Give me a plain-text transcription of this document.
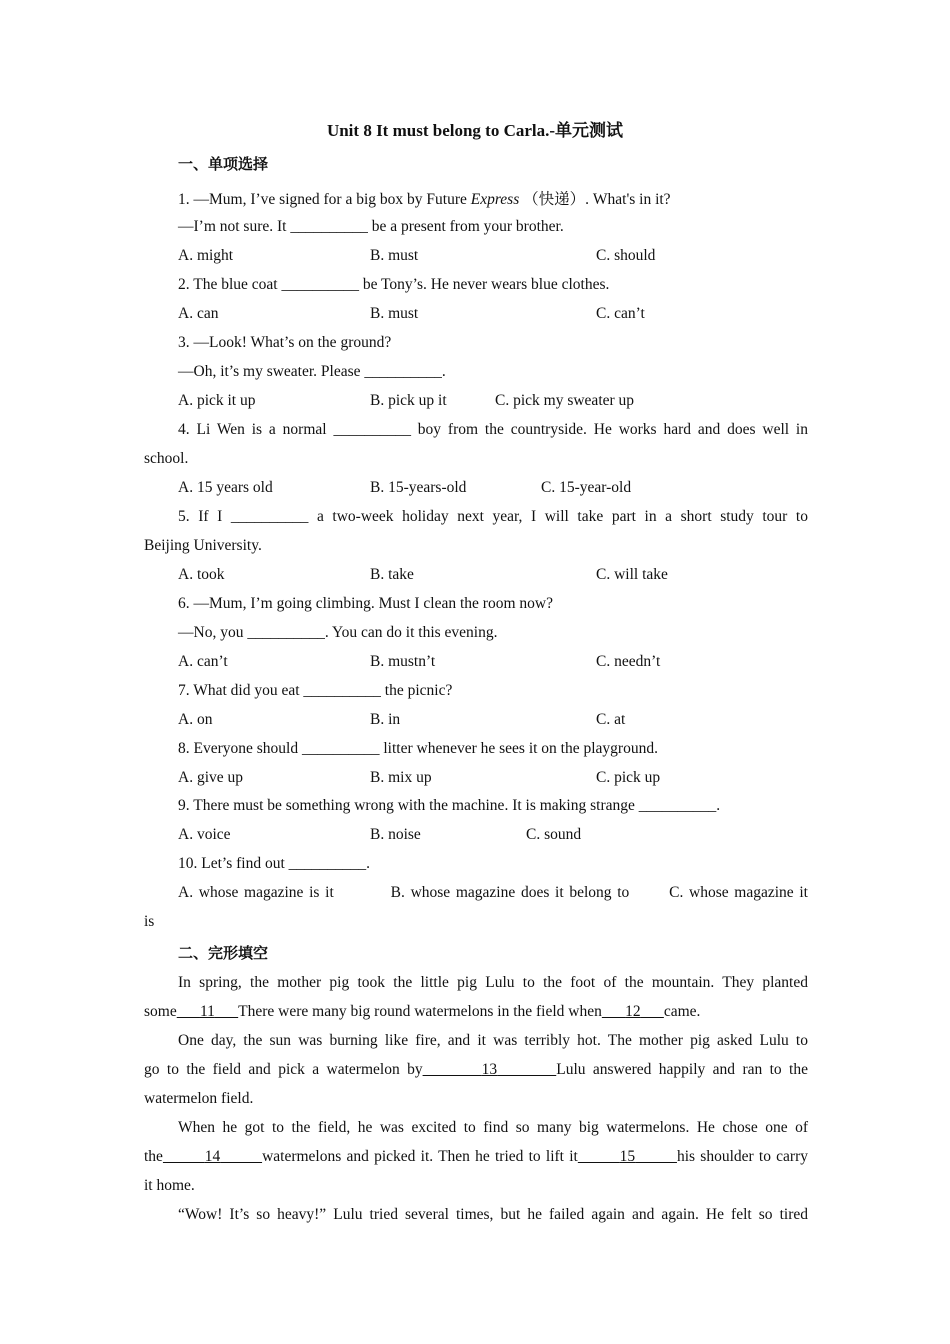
Unit 8 It must belong to Carla.-单元测试
一、单项选择
1. —Mum, I’ve signed for a big box by Future Express （快递）. What's in it?
—I’m not sure. It __________ be a present from your brother.
A. might	B. must	C. should
2. The blue coat __________ be Tony’s. He never wears blue clothes.
A. can	B. must	C. can’t
3. —Look! What’s on the ground?
—Oh, it’s my sweater. Please __________.
A. pick it up	B. pick up it	C. pick my sweater up
4. Li Wen is a normal __________ boy from the countryside. He works hard and does well in
school.
A. 15 years old	B. 15-years-old	C. 15-year-old
5. If I __________ a two-week holiday next year, I will take part in a short study tour to
Beijing University.
A. took	B. take	C. will take
6. —Mum, I’m going climbing. Must I clean the room now?
—No, you __________. You can do it this evening.
A. can’t	B. mustn’t	C. needn’t
7. What did you eat __________ the picnic?
A. on	B. in	C. at
8. Everyone should __________ litter whenever he sees it on the playground.
A. give up	B. mix up	C. pick up
9. There must be something wrong with the machine. It is making strange __________.
A. voice	B. noise	C. sound
10. Let’s find out __________.
A. whose magazine is it          B. whose magazine does it belong to       C. whose magazine it
is
二、完形填空
In spring, the mother pig took the little pig Lulu to the foot of the mountain. They planted
some 11 There were many big round watermelons in the field when 12 came.
One day, the sun was burning like fire, and it was terribly hot. The mother pig asked Lulu to
go to the field and pick a watermelon by	13	Lulu answered happily and ran to the
watermelon field.
When he got to the field, he was excited to find so many big watermelons. He chose one of
the	14	watermelons and picked it. Then he tried to lift it	15	his shoulder to carry
it home.
“Wow! It’s so heavy!” Lulu tried several times, but he failed again and again. He felt so tired
